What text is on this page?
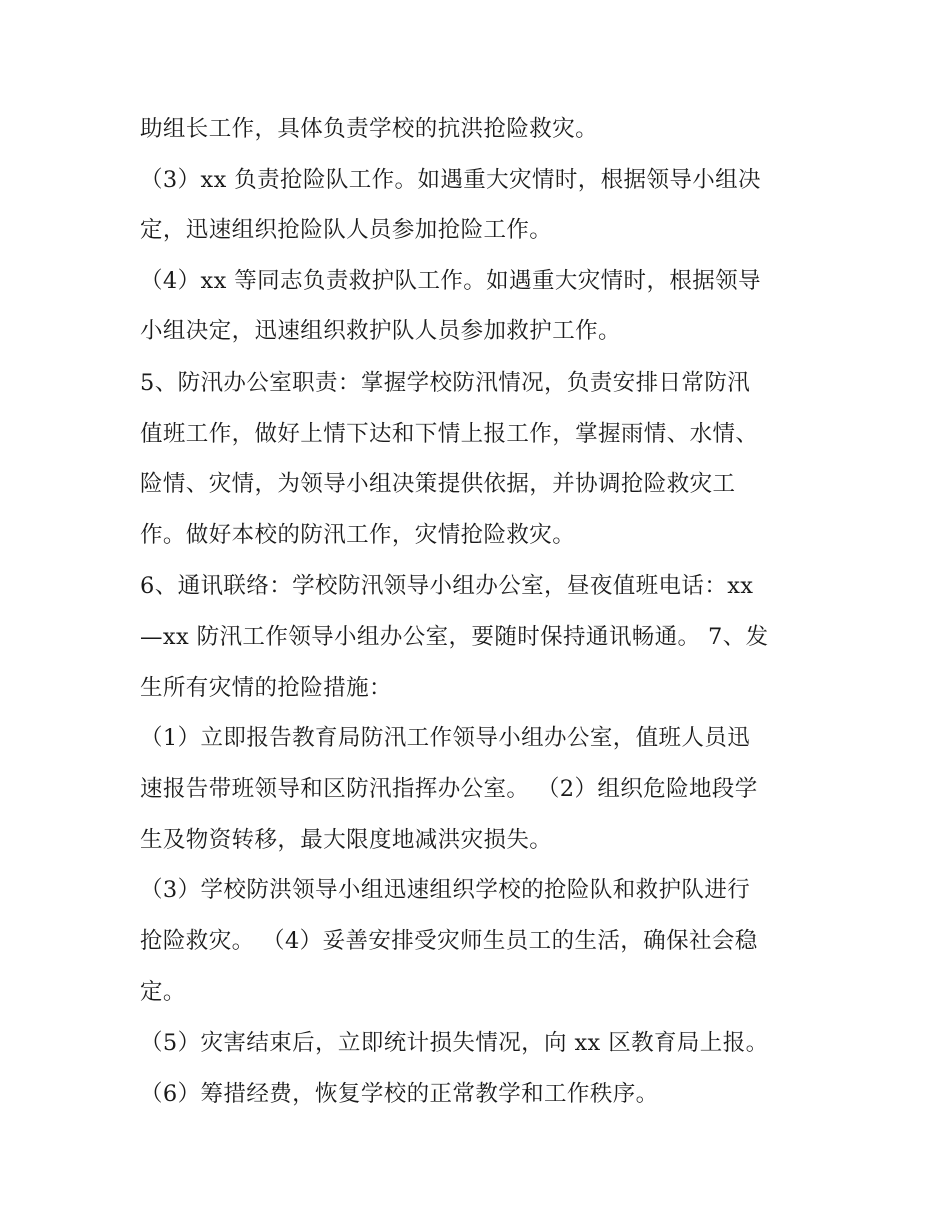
助组长工作，具体负责学校的抗洪抢险救灾。
（3）xx 负责抢险队工作。如遇重大灾情时，根据领导小组决
定，迅速组织抢险队人员参加抢险工作。
（4）xx 等同志负责救护队工作。如遇重大灾情时，根据领导
小组决定，迅速组织救护队人员参加救护工作。
5、防汛办公室职责：掌握学校防汛情况，负责安排日常防汛
值班工作，做好上情下达和下情上报工作，掌握雨情、水情、
险情、灾情，为领导小组决策提供依据，并协调抢险救灾工
作。做好本校的防汛工作，灾情抢险救灾。
6、通讯联络：学校防汛领导小组办公室，昼夜值班电话：xx
—xx 防汛工作领导小组办公室，要随时保持通讯畅通。 7、发
生所有灾情的抢险措施：
（1）立即报告教育局防汛工作领导小组办公室，值班人员迅
速报告带班领导和区防汛指挥办公室。 （2）组织危险地段学
生及物资转移，最大限度地减洪灾损失。
（3）学校防洪领导小组迅速组织学校的抢险队和救护队进行
抢险救灾。 （4）妥善安排受灾师生员工的生活，确保社会稳
定。
（5）灾害结束后，立即统计损失情况，向 xx 区教育局上报。
（6）筹措经费，恢复学校的正常教学和工作秩序。
